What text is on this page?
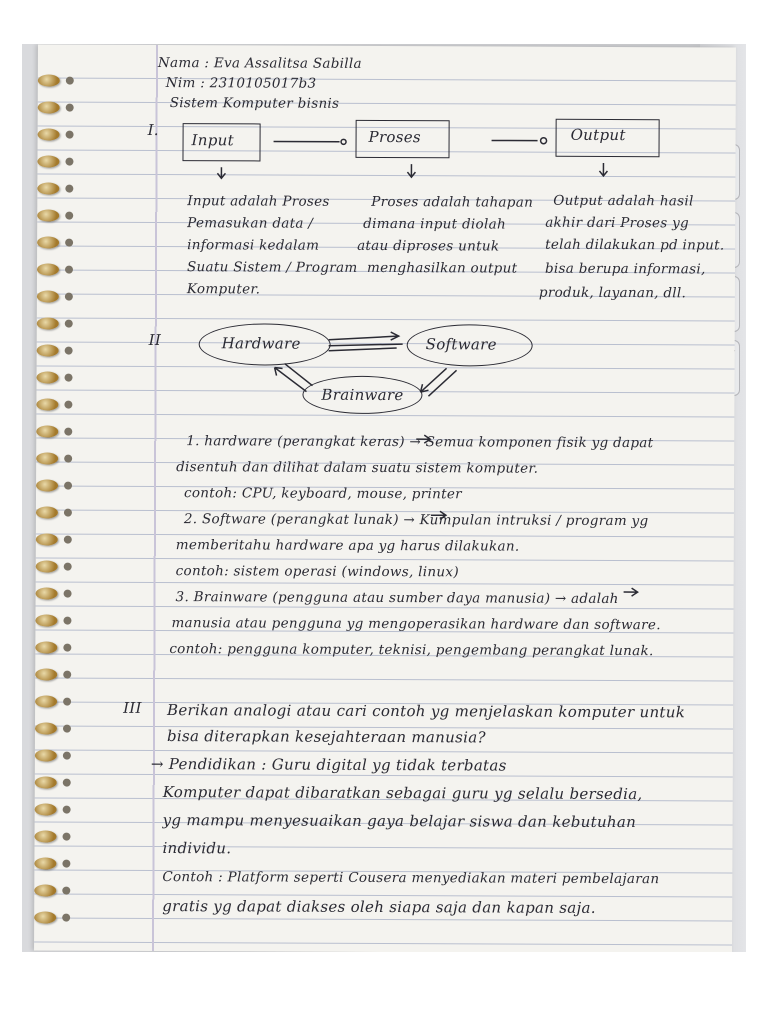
Nama : Eva Assalitsa Sabilla
Nim : 2310105017b3
Sistem Komputer bisnis
I.
Input	Proses	Output
Input adalah Proses
Pemasukan data /
informasi kedalam
Suatu Sistem / Program
Komputer.
Proses adalah tahapan
dimana input diolah
atau diproses untuk
menghasilkan output
Output adalah hasil
akhir dari Proses yg
telah dilakukan pd input.
bisa berupa informasi,
produk, layanan, dll.
II	Hardware	Software
Brainware
1. hardware (perangkat keras) → Semua komponen fisik yg dapat
disentuh dan dilihat dalam suatu sistem komputer.
contoh: CPU, keyboard, mouse, printer
2. Software (perangkat lunak) → Kumpulan intruksi / program yg
memberitahu hardware apa yg harus dilakukan.
contoh: sistem operasi (windows, linux)
3. Brainware (pengguna atau sumber daya manusia) → adalah
manusia atau pengguna yg mengoperasikan hardware dan software.
contoh: pengguna komputer, teknisi, pengembang perangkat lunak.
III Berikan analogi atau cari contoh yg menjelaskan komputer untuk
bisa diterapkan kesejahteraan manusia?
→ Pendidikan : Guru digital yg tidak terbatas
Komputer dapat dibaratkan sebagai guru yg selalu bersedia,
yg mampu menyesuaikan gaya belajar siswa dan kebutuhan
individu.
Contoh : Platform seperti Cousera menyediakan materi pembelajaran
gratis yg dapat diakses oleh siapa saja dan kapan saja.
